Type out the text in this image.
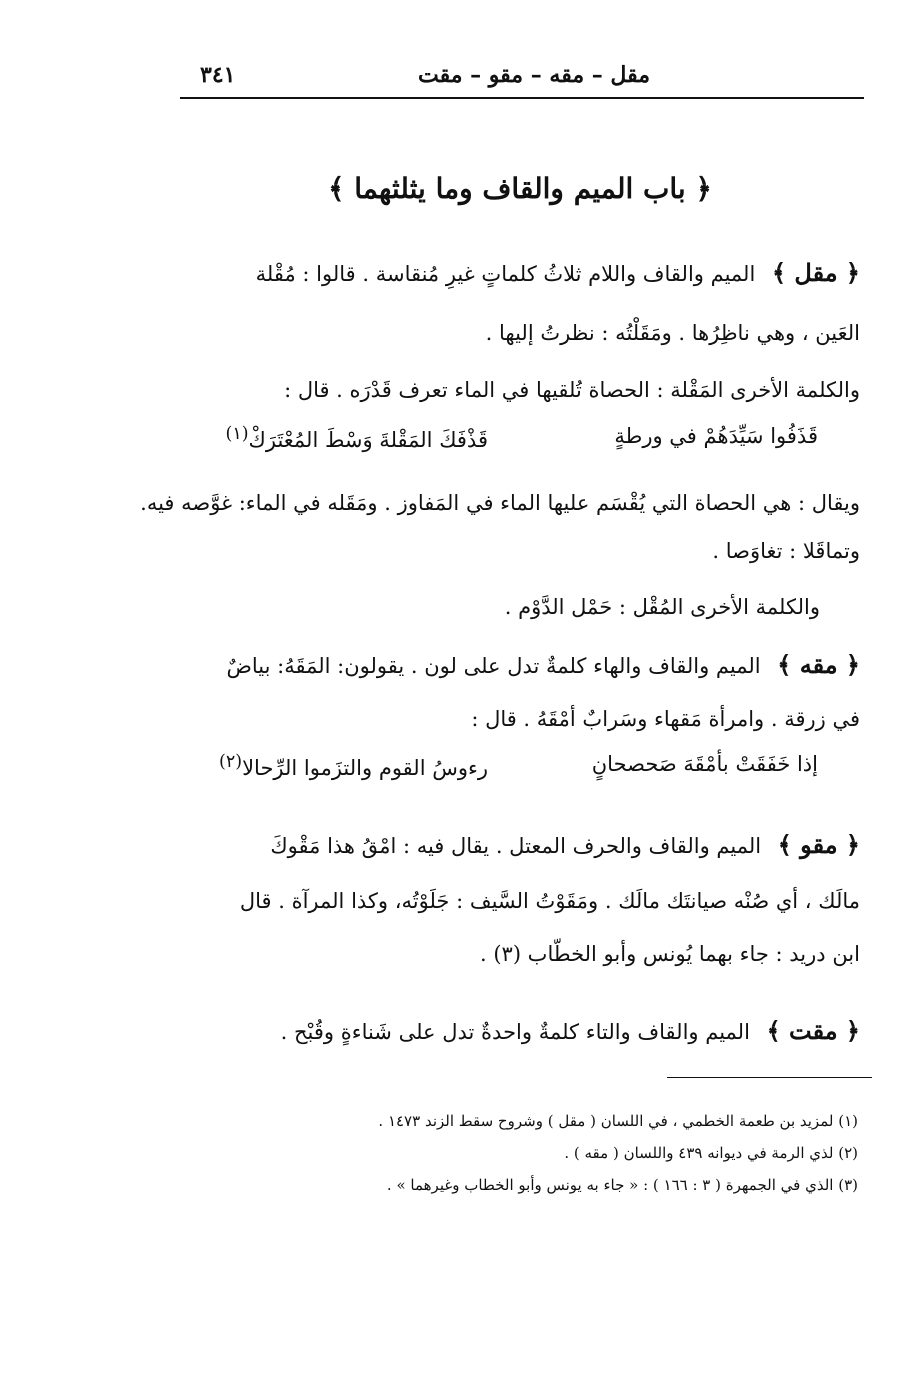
مقل – مقه – مقو – مقت
٣٤١
﴿ باب الميم والقاف وما يثلثهما ﴾
﴿ مقل ﴾ الميم والقاف واللام ثلاثُ كلماتٍ غيرِ مُنقاسة . قالوا : مُقْلة
العَين ، وهي ناظِرُها . ومَقَلْتُه : نظرتُ إليها .
والكلمة الأخرى المَقْلة : الحصاة تُلقيها في الماء تعرف قَدْرَه . قال :
قَذَفُوا سَيِّدَهُمْ في ورطةٍ
قَذْفَكَ المَقْلةَ وَسْطَ المُعْتَرَكْ$^{(١)}$
ويقال : هي الحصاة التي يُقْسَم عليها الماء في المَفاوز . ومَقَله في الماء: غوَّصه فيه.
وتماقَلا : تغاوَصا .
والكلمة الأخرى المُقْل : حَمْل الدَّوْم .
﴿ مقه ﴾ الميم والقاف والهاء كلمةٌ تدل على لون . يقولون: المَقَهُ: بياضٌ
في زرقة . وامرأة مَقهاء وسَرابٌ أمْقَهُ . قال :
إذا خَفَقَتْ بأمْقَهَ صَحصحانٍ
رءوسُ القوم والتزَموا الرِّحالا$^{(٢)}$
﴿ مقو ﴾ الميم والقاف والحرف المعتل . يقال فيه : امْقُ هذا مَقْوكَ
مالَك ، أي صُنْه صيانتَك مالَك . ومَقَوْتُ السَّيف : جَلَوْتُه، وكذا المرآة . قال
ابن دريد : جاء بهما يُونس وأبو الخطّاب (٣) .
﴿ مقت ﴾ الميم والقاف والتاء كلمةٌ واحدةٌ تدل على شَناءةٍ وقُبْح .
(١) لمزيد بن طعمة الخطمي ، في اللسان ( مقل ) وشروح سقط الزند ١٤٧٣ .
(٢) لذي الرمة في ديوانه ٤٣٩ واللسان ( مقه ) .
(٣) الذي في الجمهرة ( ٣ : ١٦٦ ) : « جاء به يونس وأبو الخطاب وغيرهما » .
